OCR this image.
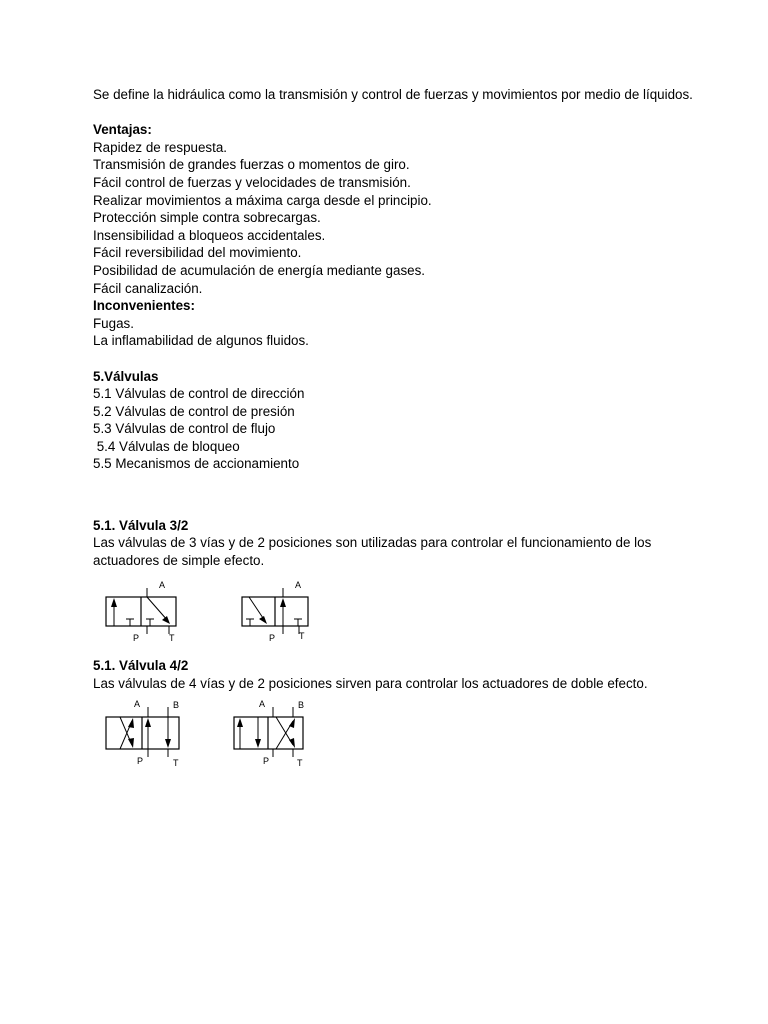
Se define la hidráulica como la transmisión y control de fuerzas y movimientos por medio de líquidos.

Ventajas:

Rapidez de respuesta.

Transmisión de grandes fuerzas o momentos de giro.

Fácil control de fuerzas y velocidades de transmisión.

Realizar movimientos a máxima carga desde el principio.

Protección simple contra sobrecargas.

Insensibilidad a bloqueos accidentales.

Fácil reversibilidad del movimiento.

Posibilidad de acumulación de energía mediante gases.

Fácil canalización.

Inconvenientes:

Fugas.

La inflamabilidad de algunos fluidos.

5.Válvulas

5.1 Válvulas de control de dirección

5.2 Válvulas de control de presión

5.3 Válvulas de control de flujo

5.4 Válvulas de bloqueo

5.5 Mecanismos de accionamiento

5.1. Válvula 3/2

Las válvulas de 3 vías y de 2 posiciones son utilizadas para controlar el funcionamiento de los actuadores de simple efecto.

A
P	T
A
P	T

5.1. Válvula 4/2

Las válvulas de 4 vías y de 2 posiciones sirven para controlar los actuadores de doble efecto.

A	B
P	T
A	B
P	T
